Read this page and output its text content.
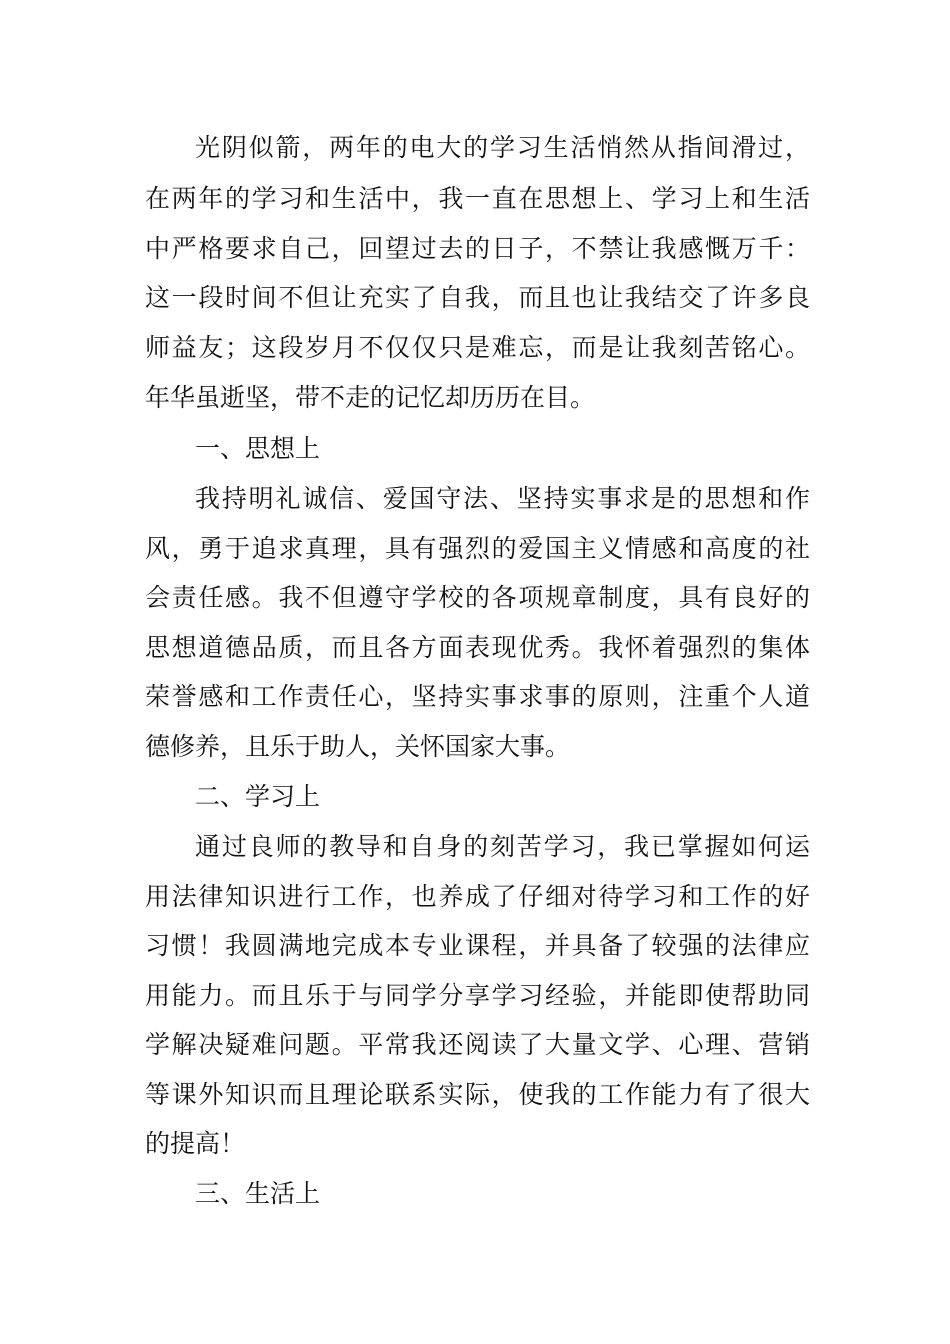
光阴似箭，两年的电大的学习生活悄然从指间滑过，
在两年的学习和生活中，我一直在思想上、学习上和生活
中严格要求自己，回望过去的日子，不禁让我感慨万千：
这一段时间不但让充实了自我，而且也让我结交了许多良
师益友；这段岁月不仅仅只是难忘，而是让我刻苦铭心。
年华虽逝坚，带不走的记忆却历历在目。
一、思想上
我持明礼诚信、爱国守法、坚持实事求是的思想和作
风，勇于追求真理，具有强烈的爱国主义情感和高度的社
会责任感。我不但遵守学校的各项规章制度，具有良好的
思想道德品质，而且各方面表现优秀。我怀着强烈的集体
荣誉感和工作责任心，坚持实事求事的原则，注重个人道
德修养，且乐于助人，关怀国家大事。
二、学习上
通过良师的教导和自身的刻苦学习，我已掌握如何运
用法律知识进行工作，也养成了仔细对待学习和工作的好
习惯！我圆满地完成本专业课程，并具备了较强的法律应
用能力。而且乐于与同学分享学习经验，并能即使帮助同
学解决疑难问题。平常我还阅读了大量文学、心理、营销
等课外知识而且理论联系实际，使我的工作能力有了很大
的提高！
三、生活上
